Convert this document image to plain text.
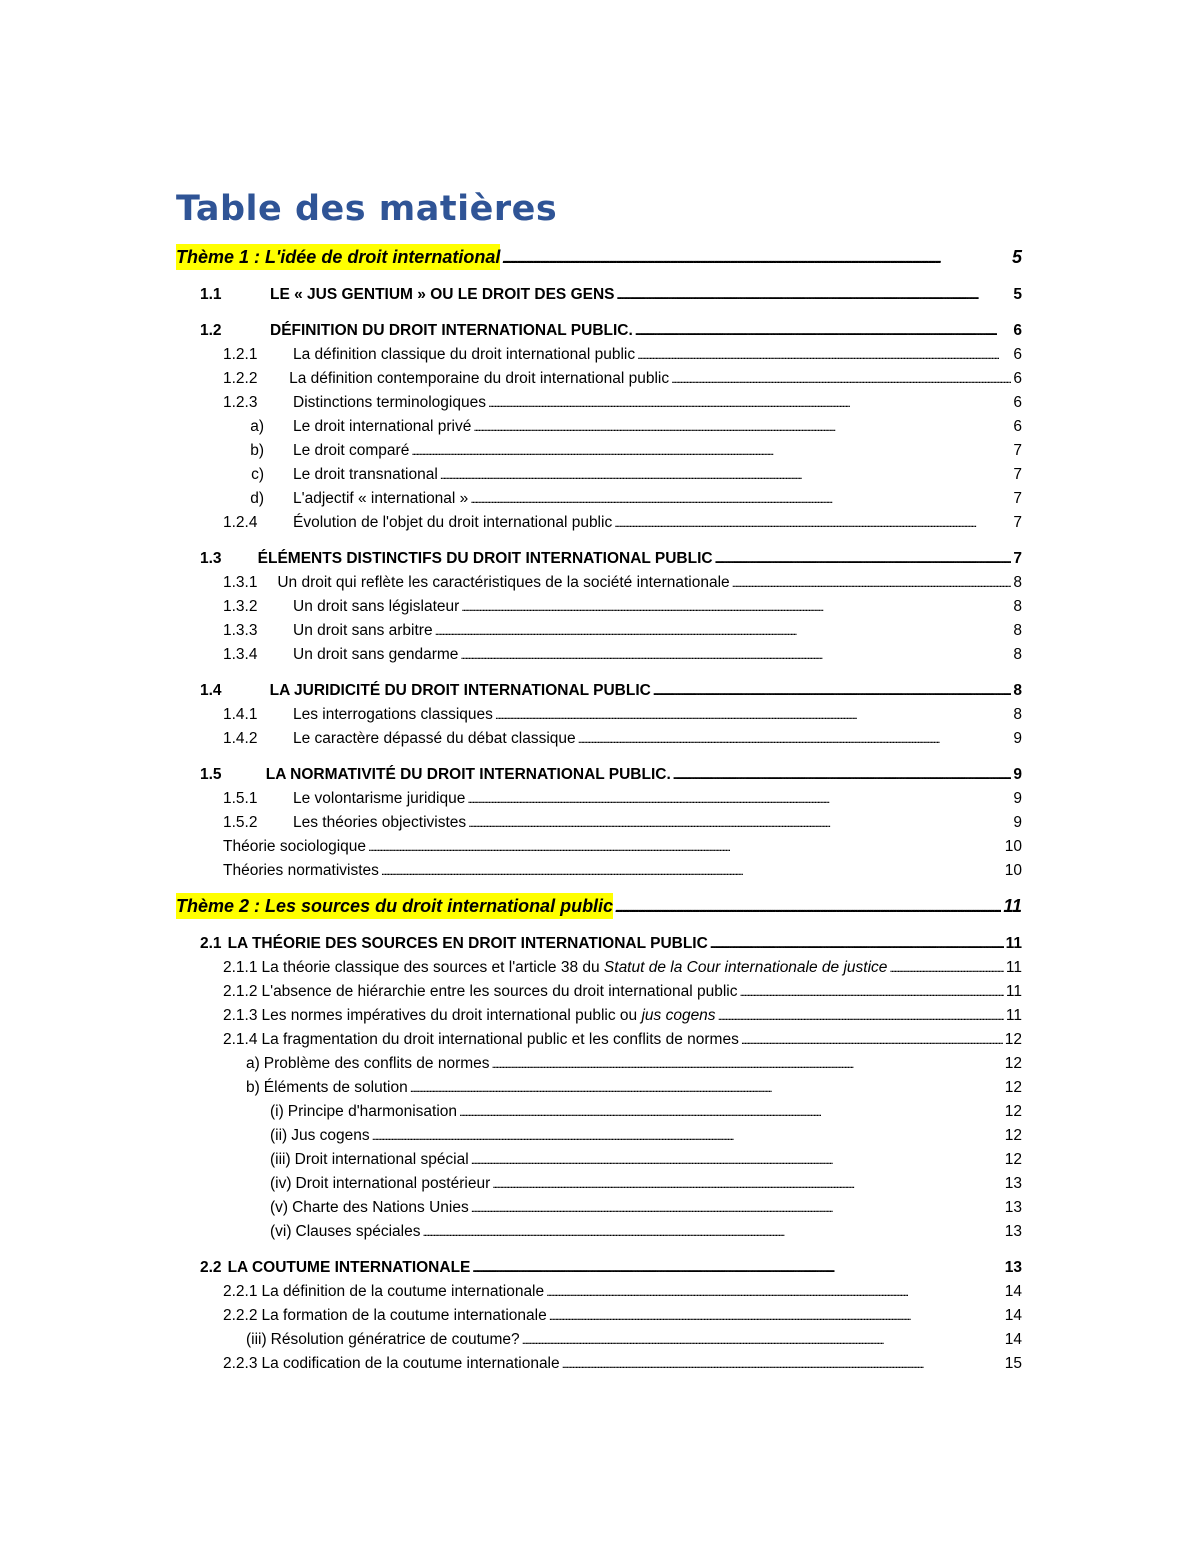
Table des matières
Thème 1 : L'idée de droit international . . .	5
1.1	LE « JUS GENTIUM » OU LE DROIT DES GENS . . .	5
1.2	DÉFINITION DU DROIT INTERNATIONAL PUBLIC. . . .	6
1.2.1	La définition classique du droit international public . . .	6
1.2.2	La définition contemporaine du droit international public . . .	6
1.2.3	Distinctions terminologiques . . .	6
a)	Le droit international privé . . .	6
b)	Le droit comparé . . .	7
c)	Le droit transnational . . .	7
d)	L'adjectif « international » . . .	7
1.2.4	Évolution de l'objet du droit international public . . .	7
1.3	ÉLÉMENTS DISTINCTIFS DU DROIT INTERNATIONAL PUBLIC . . .	7
1.3.1	Un droit qui reflète les caractéristiques de la société internationale . . .	8
1.3.2	Un droit sans législateur . . .	8
1.3.3	Un droit sans arbitre . . .	8
1.3.4	Un droit sans gendarme . . .	8
1.4	LA JURIDICITÉ DU DROIT INTERNATIONAL PUBLIC . . .	8
1.4.1	Les interrogations classiques . . .	8
1.4.2	Le caractère dépassé du débat classique . . .	9
1.5	LA NORMATIVITÉ DU DROIT INTERNATIONAL PUBLIC. . . .	9
1.5.1	Le volontarisme juridique . . .	9
1.5.2	Les théories objectivistes . . .	9
Théorie sociologique . . .	10
Théories normativistes . . .	10
Thème 2 : Les sources du droit international public . . .	11
2.1 LA THÉORIE DES SOURCES EN DROIT INTERNATIONAL PUBLIC . . .	11
2.1.1 La théorie classique des sources et l'article 38 du Statut de la Cour internationale de justice . . .	11
2.1.2 L'absence de hiérarchie entre les sources du droit international public . . .	11
2.1.3 Les normes impératives du droit international public ou jus cogens . . .	11
2.1.4 La fragmentation du droit international public et les conflits de normes . . .	12
a) Problème des conflits de normes . . .	12
b) Éléments de solution . . .	12
(i) Principe d'harmonisation . . .	12
(ii) Jus cogens . . .	12
(iii) Droit international spécial . . .	12
(iv) Droit international postérieur . . .	13
(v) Charte des Nations Unies . . .	13
(vi) Clauses spéciales . . .	13
2.2 LA COUTUME INTERNATIONALE . . .	13
2.2.1 La définition de la coutume internationale . . .	14
2.2.2 La formation de la coutume internationale . . .	14
(iii) Résolution génératrice de coutume? . . .	14
2.2.3 La codification de la coutume internationale . . .	15
